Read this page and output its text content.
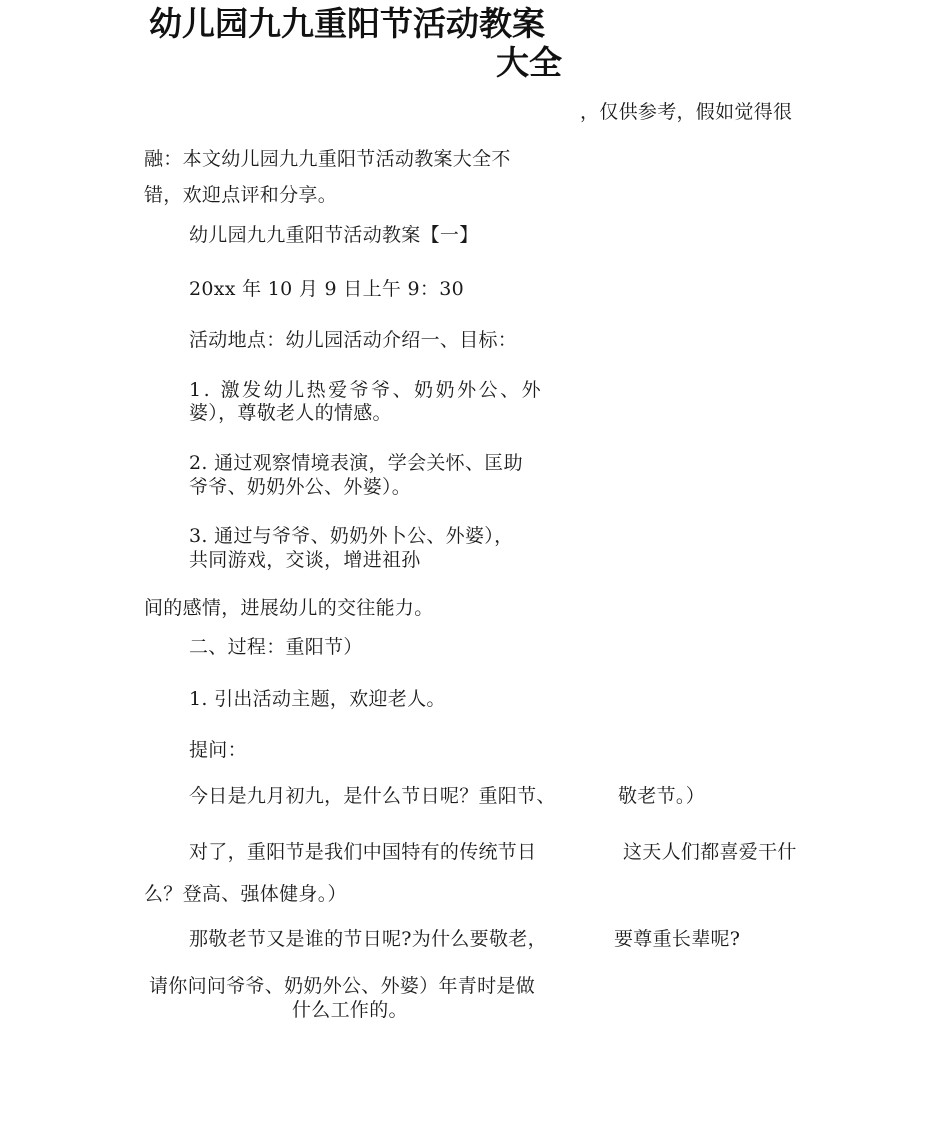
幼儿园九九重阳节活动教案
大全
，仅供参考，假如觉得很
融：本文幼儿园九九重阳节活动教案大全不
错，欢迎点评和分享。
幼儿园九九重阳节活动教案【一】
20xx 年 10 月 9 日上午 9：30
活动地点：幼儿园活动介绍一、目标：
1. 激发幼儿热爱爷爷、奶奶外公、外
婆），尊敬老人的情感。
2. 通过观察情境表演，学会关怀、匡助
爷爷、奶奶外公、外婆）。
3. 通过与爷爷、奶奶外卜公、外婆），
共同游戏，交谈，增进祖孙
间的感情，进展幼儿的交往能力。
二、过程：重阳节）
1. 引出活动主题，欢迎老人。
提问：
今日是九月初九，是什么节日呢？重阳节、	敬老节。）
对了，重阳节是我们中国特有的传统节日	这天人们都喜爱干什
么？登高、强体健身。）
那敬老节又是谁的节日呢?为什么要敬老，	要尊重长辈呢?
请你问问爷爷、奶奶外公、外婆）年青时是做
什么工作的。
